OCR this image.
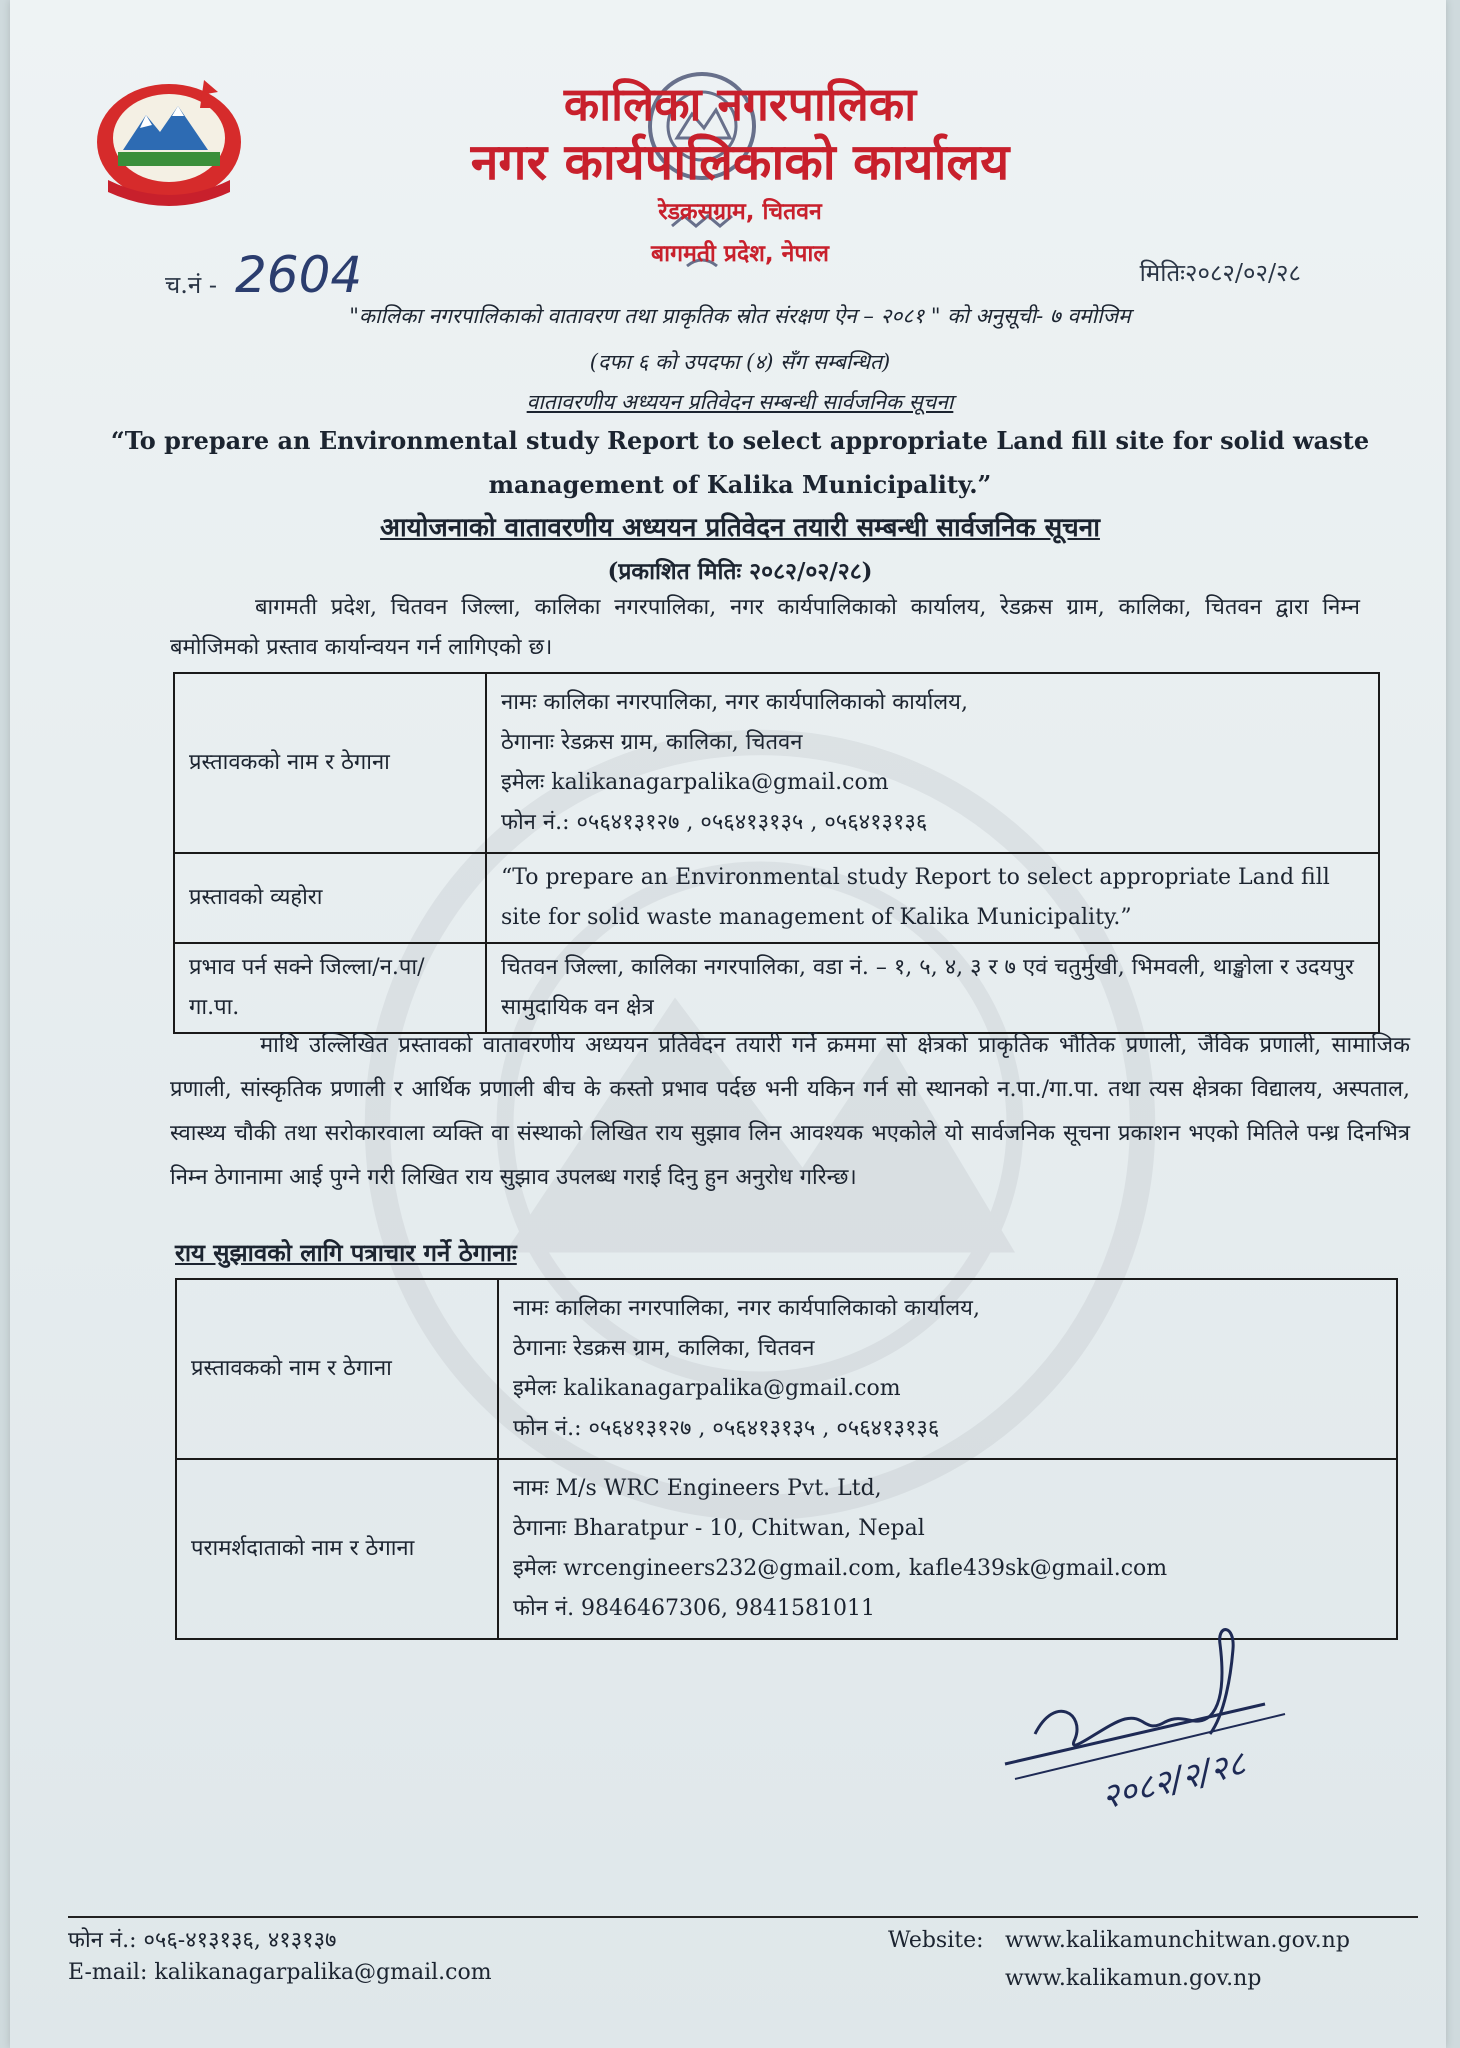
कालिका नगरपालिका
नगर कार्यपालिकाको कार्यालय
रेडक्रसग्राम, चितवन
बागमती प्रदेश, नेपाल
च.नं - 2604	मितिः२०८२/०२/२८
"कालिका नगरपालिकाको वातावरण तथा प्राकृतिक स्रोत संरक्षण ऐन – २०८१ " को अनुसूची- ७ वमोजिम
(दफा ६ को उपदफा (४) सँग सम्बन्धित)
वातावरणीय अध्ययन प्रतिवेदन सम्बन्धी सार्वजनिक सूचना
“To prepare an Environmental study Report to select appropriate Land fill site for solid waste
management of Kalika Municipality.”
आयोजनाको वातावरणीय अध्ययन प्रतिवेदन तयारी सम्बन्धी सार्वजनिक सूचना
(प्रकाशित मितिः २०८२/०२/२८)
बागमती प्रदेश, चितवन जिल्ला, कालिका नगरपालिका, नगर कार्यपालिकाको कार्यालय, रेडक्रस ग्राम, कालिका, चितवन द्वारा निम्न बमोजिमको प्रस्ताव कार्यान्वयन गर्न लागिएको छ।
प्रस्तावकको नाम र ठेगाना	नामः कालिका नगरपालिका, नगर कार्यपालिकाको कार्यालय,
ठेगानाः रेडक्रस ग्राम, कालिका, चितवन
इमेलः kalikanagarpalika@gmail.com
फोन नं.: ०५६४१३१२७ , ०५६४१३१३५ , ०५६४१३१३६

प्रस्तावको व्यहोरा	“To prepare an Environmental study Report to select appropriate Land fill site for solid waste management of Kalika Municipality.”
प्रभाव पर्न सक्ने जिल्ला/न.पा/गा.पा.	चितवन जिल्ला, कालिका नगरपालिका, वडा नं. – १, ५, ४, ३ र ७ एवं चतुर्मुखी, भिमवली, थाङ्खोला र उदयपुर सामुदायिक वन क्षेत्र
माथि उल्लिखित प्रस्तावको वातावरणीय अध्ययन प्रतिवेदन तयारी गर्ने क्रममा सो क्षेत्रको प्राकृतिक भौतिक प्रणाली, जैविक प्रणाली, सामाजिक प्रणाली, सांस्कृतिक प्रणाली र आर्थिक प्रणाली बीच के कस्तो प्रभाव पर्दछ भनी यकिन गर्न सो स्थानको न.पा./गा.पा. तथा त्यस क्षेत्रका विद्यालय, अस्पताल, स्वास्थ्य चौकी तथा सरोकारवाला व्यक्ति वा संस्थाको लिखित राय सुझाव लिन आवश्यक भएकोले यो सार्वजनिक सूचना प्रकाशन भएको मितिले पन्ध्र दिनभित्र निम्न ठेगानामा आई पुग्ने गरी लिखित राय सुझाव उपलब्ध गराई दिनु हुन अनुरोध गरिन्छ।
राय सुझावको लागि पत्राचार गर्ने ठेगानाः
प्रस्तावकको नाम र ठेगाना	नामः कालिका नगरपालिका, नगर कार्यपालिकाको कार्यालय,
ठेगानाः रेडक्रस ग्राम, कालिका, चितवन
इमेलः kalikanagarpalika@gmail.com
फोन नं.: ०५६४१३१२७ , ०५६४१३१३५ , ०५६४१३१३६

परामर्शदाताको नाम र ठेगाना	नामः M/s WRC Engineers Pvt. Ltd,
ठेगानाः Bharatpur - 10, Chitwan, Nepal
इमेलः wrcengineers232@gmail.com, kafle439sk@gmail.com
फोन नं. 9846467306, 9841581011
२०८२/२/२८
फोन नं.: ०५६-४१३१३६, ४१३१३७
E-mail: kalikanagarpalika@gmail.com
Website: www.kalikamunchitwan.gov.np
www.kalikamun.gov.np
